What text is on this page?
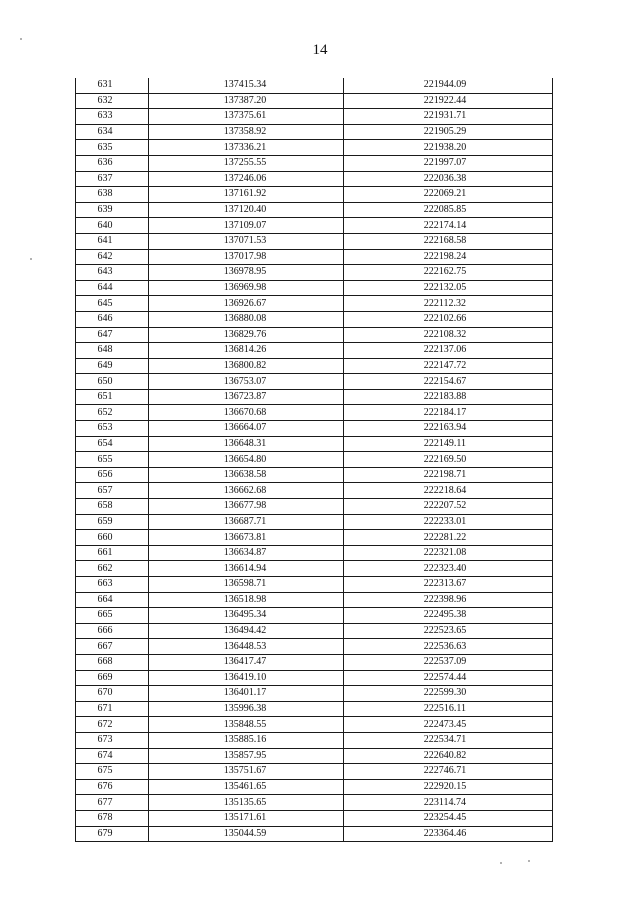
14
631	137415.34	221944.09
632	137387.20	221922.44
633	137375.61	221931.71
634	137358.92	221905.29
635	137336.21	221938.20
636	137255.55	221997.07
637	137246.06	222036.38
638	137161.92	222069.21
639	137120.40	222085.85
640	137109.07	222174.14
641	137071.53	222168.58
642	137017.98	222198.24
643	136978.95	222162.75
644	136969.98	222132.05
645	136926.67	222112.32
646	136880.08	222102.66
647	136829.76	222108.32
648	136814.26	222137.06
649	136800.82	222147.72
650	136753.07	222154.67
651	136723.87	222183.88
652	136670.68	222184.17
653	136664.07	222163.94
654	136648.31	222149.11
655	136654.80	222169.50
656	136638.58	222198.71
657	136662.68	222218.64
658	136677.98	222207.52
659	136687.71	222233.01
660	136673.81	222281.22
661	136634.87	222321.08
662	136614.94	222323.40
663	136598.71	222313.67
664	136518.98	222398.96
665	136495.34	222495.38
666	136494.42	222523.65
667	136448.53	222536.63
668	136417.47	222537.09
669	136419.10	222574.44
670	136401.17	222599.30
671	135996.38	222516.11
672	135848.55	222473.45
673	135885.16	222534.71
674	135857.95	222640.82
675	135751.67	222746.71
676	135461.65	222920.15
677	135135.65	223114.74
678	135171.61	223254.45
679	135044.59	223364.46
